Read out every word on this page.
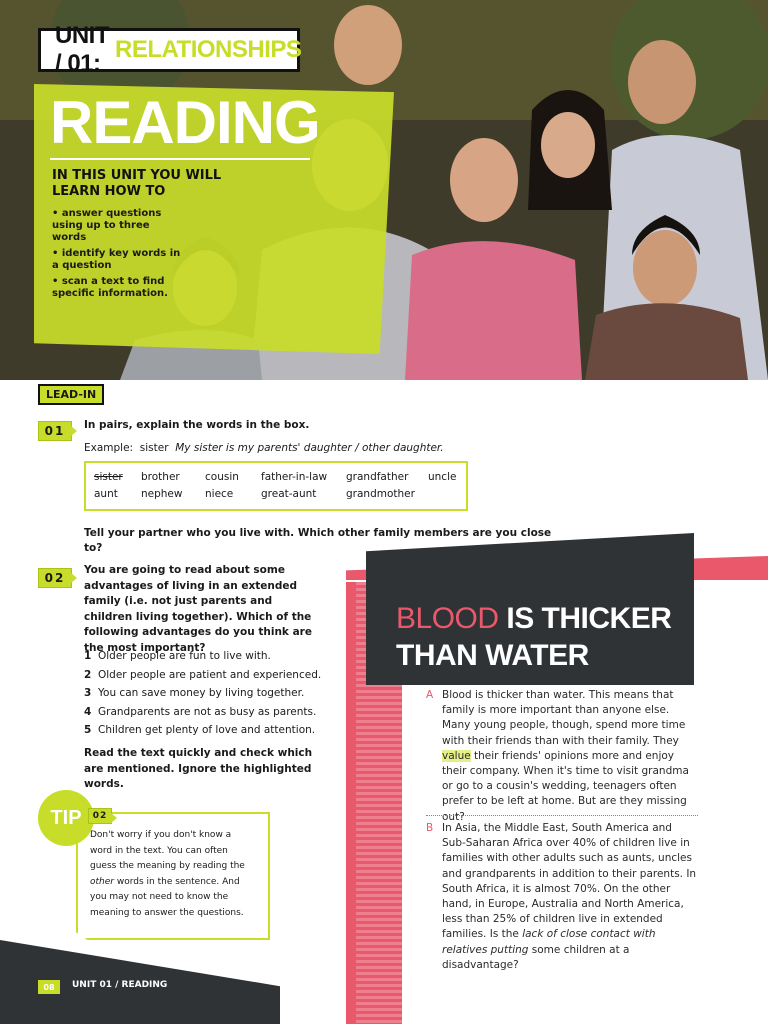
UNIT / 01:
RELATIONSHIPS
READING
IN THIS UNIT YOU WILL LEARN HOW TO
• answer questions using up to three words
• identify key words in a question
• scan a text to find specific information.
LEAD-IN
01	In pairs, explain the words in the box.
Example: sister My sister is my parents' daughter / other daughter.
sister brother cousin father-in-law grandfather uncle
aunt nephew niece	great-aunt	grandmother
Tell your partner who you live with. Which other family members are you close to?
02
You are going to read about some advantages of living in an extended family (i.e. not just parents and children living together). Which of the following advantages do you think are the most important?
1 Older people are fun to live with.
2 Older people are patient and experienced.
3 You can save money by living together.
4 Grandparents are not as busy as parents.
5 Children get plenty of love and attention.
Read the text quickly and check which are mentioned. Ignore the highlighted words.
TIP	02
Don't worry if you don't know a word in the text. You can often guess the meaning by reading the other words in the sentence. And you may not need to know the meaning to answer the questions.
08	UNIT 01 / READING
BLOOD IS THICKER
THAN WATER
A Blood is thicker than water. This means that family is more important than anyone else. Many young people, though, spend more time with their friends than with their family. They value their friends' opinions more and enjoy their company. When it's time to visit grandma or go to a cousin's wedding, teenagers often prefer to be left at home. But are they missing out?
B In Asia, the Middle East, South America and Sub-Saharan Africa over 40% of children live in families with other adults such as aunts, uncles and grandparents in addition to their parents. In South Africa, it is almost 70%. On the other hand, in Europe, Australia and North America, less than 25% of children live in extended families. Is the lack of close contact with relatives putting some children at a disadvantage?
